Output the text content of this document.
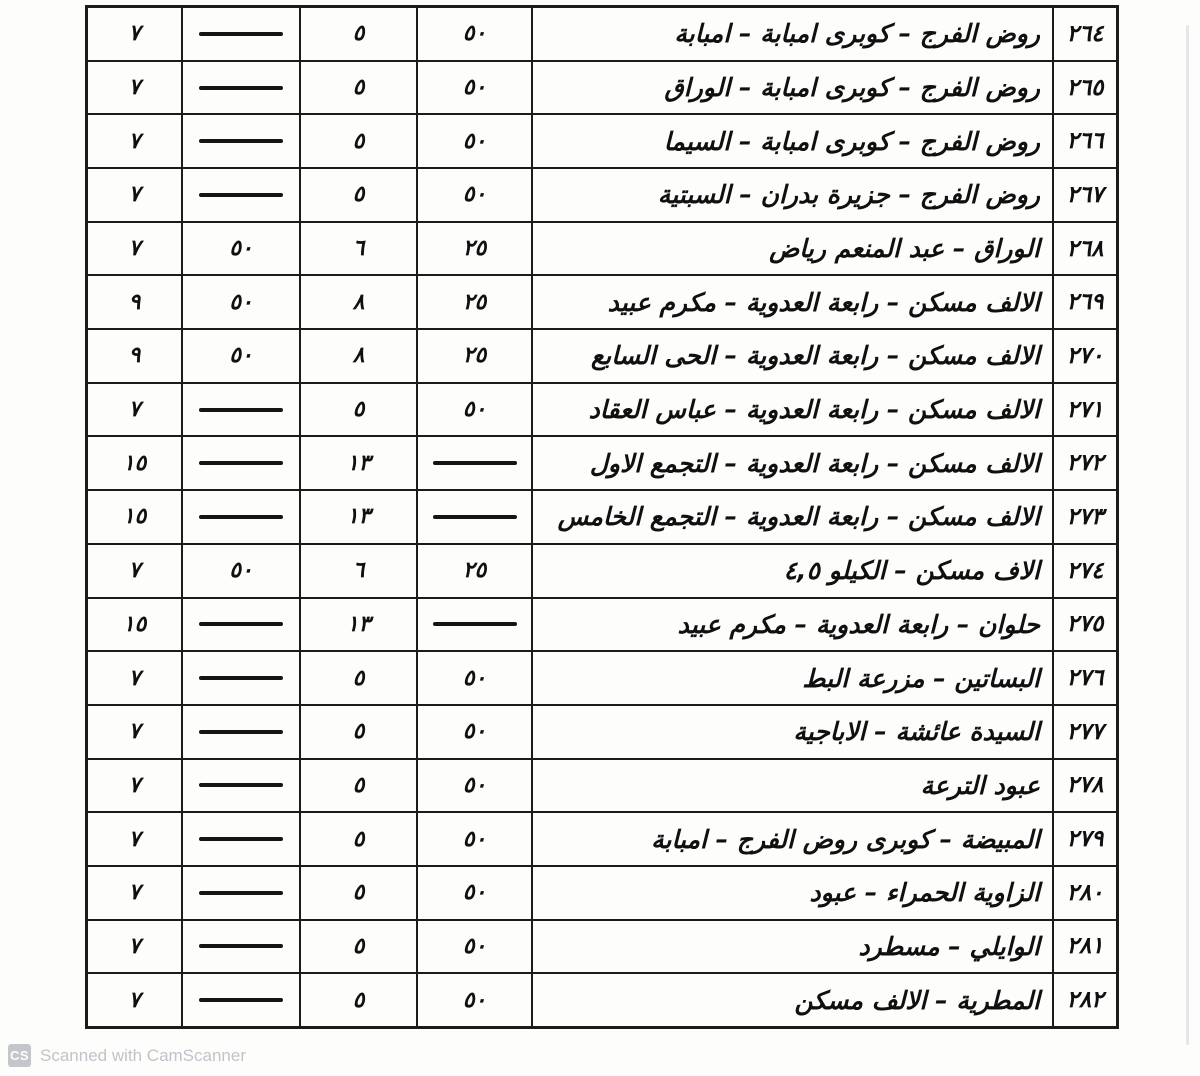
٢٦٤
روض الفرج – كوبرى امبابة – امبابة
٥٠
٥
٧
٢٦٥
روض الفرج – كوبرى امبابة – الوراق
٥٠
٥
٧
٢٦٦
روض الفرج – كوبرى امبابة – السيما
٥٠
٥
٧
٢٦٧
روض الفرج – جزيرة بدران – السبتية
٥٠
٥
٧
٢٦٨
الوراق – عبد المنعم رياض
٢٥
٦
٥٠
٧
٢٦٩
الالف مسكن – رابعة العدوية – مكرم عبيد
٢٥
٨
٥٠
٩
٢٧٠
الالف مسكن – رابعة العدوية – الحى السابع
٢٥
٨
٥٠
٩
٢٧١
الالف مسكن – رابعة العدوية – عباس العقاد
٥٠
٥
٧
٢٧٢
الالف مسكن – رابعة العدوية – التجمع الاول
١٣
١٥
٢٧٣
الالف مسكن – رابعة العدوية – التجمع الخامس
١٣
١٥
٢٧٤
الاف مسكن – الكيلو ٤,٥
٢٥
٦
٥٠
٧
٢٧٥
حلوان – رابعة العدوية – مكرم عبيد
١٣
١٥
٢٧٦
البساتين – مزرعة البط
٥٠
٥
٧
٢٧٧
السيدة عائشة – الاباجية
٥٠
٥
٧
٢٧٨
عبود الترعة
٥٠
٥
٧
٢٧٩
المبيضة – كوبرى روض الفرج – امبابة
٥٠
٥
٧
٢٨٠
الزاوية الحمراء – عبود
٥٠
٥
٧
٢٨١
الوايلي – مسطرد
٥٠
٥
٧
٢٨٢
المطرية – الالف مسكن
٥٠
٥
٧
CS Scanned with CamScanner
